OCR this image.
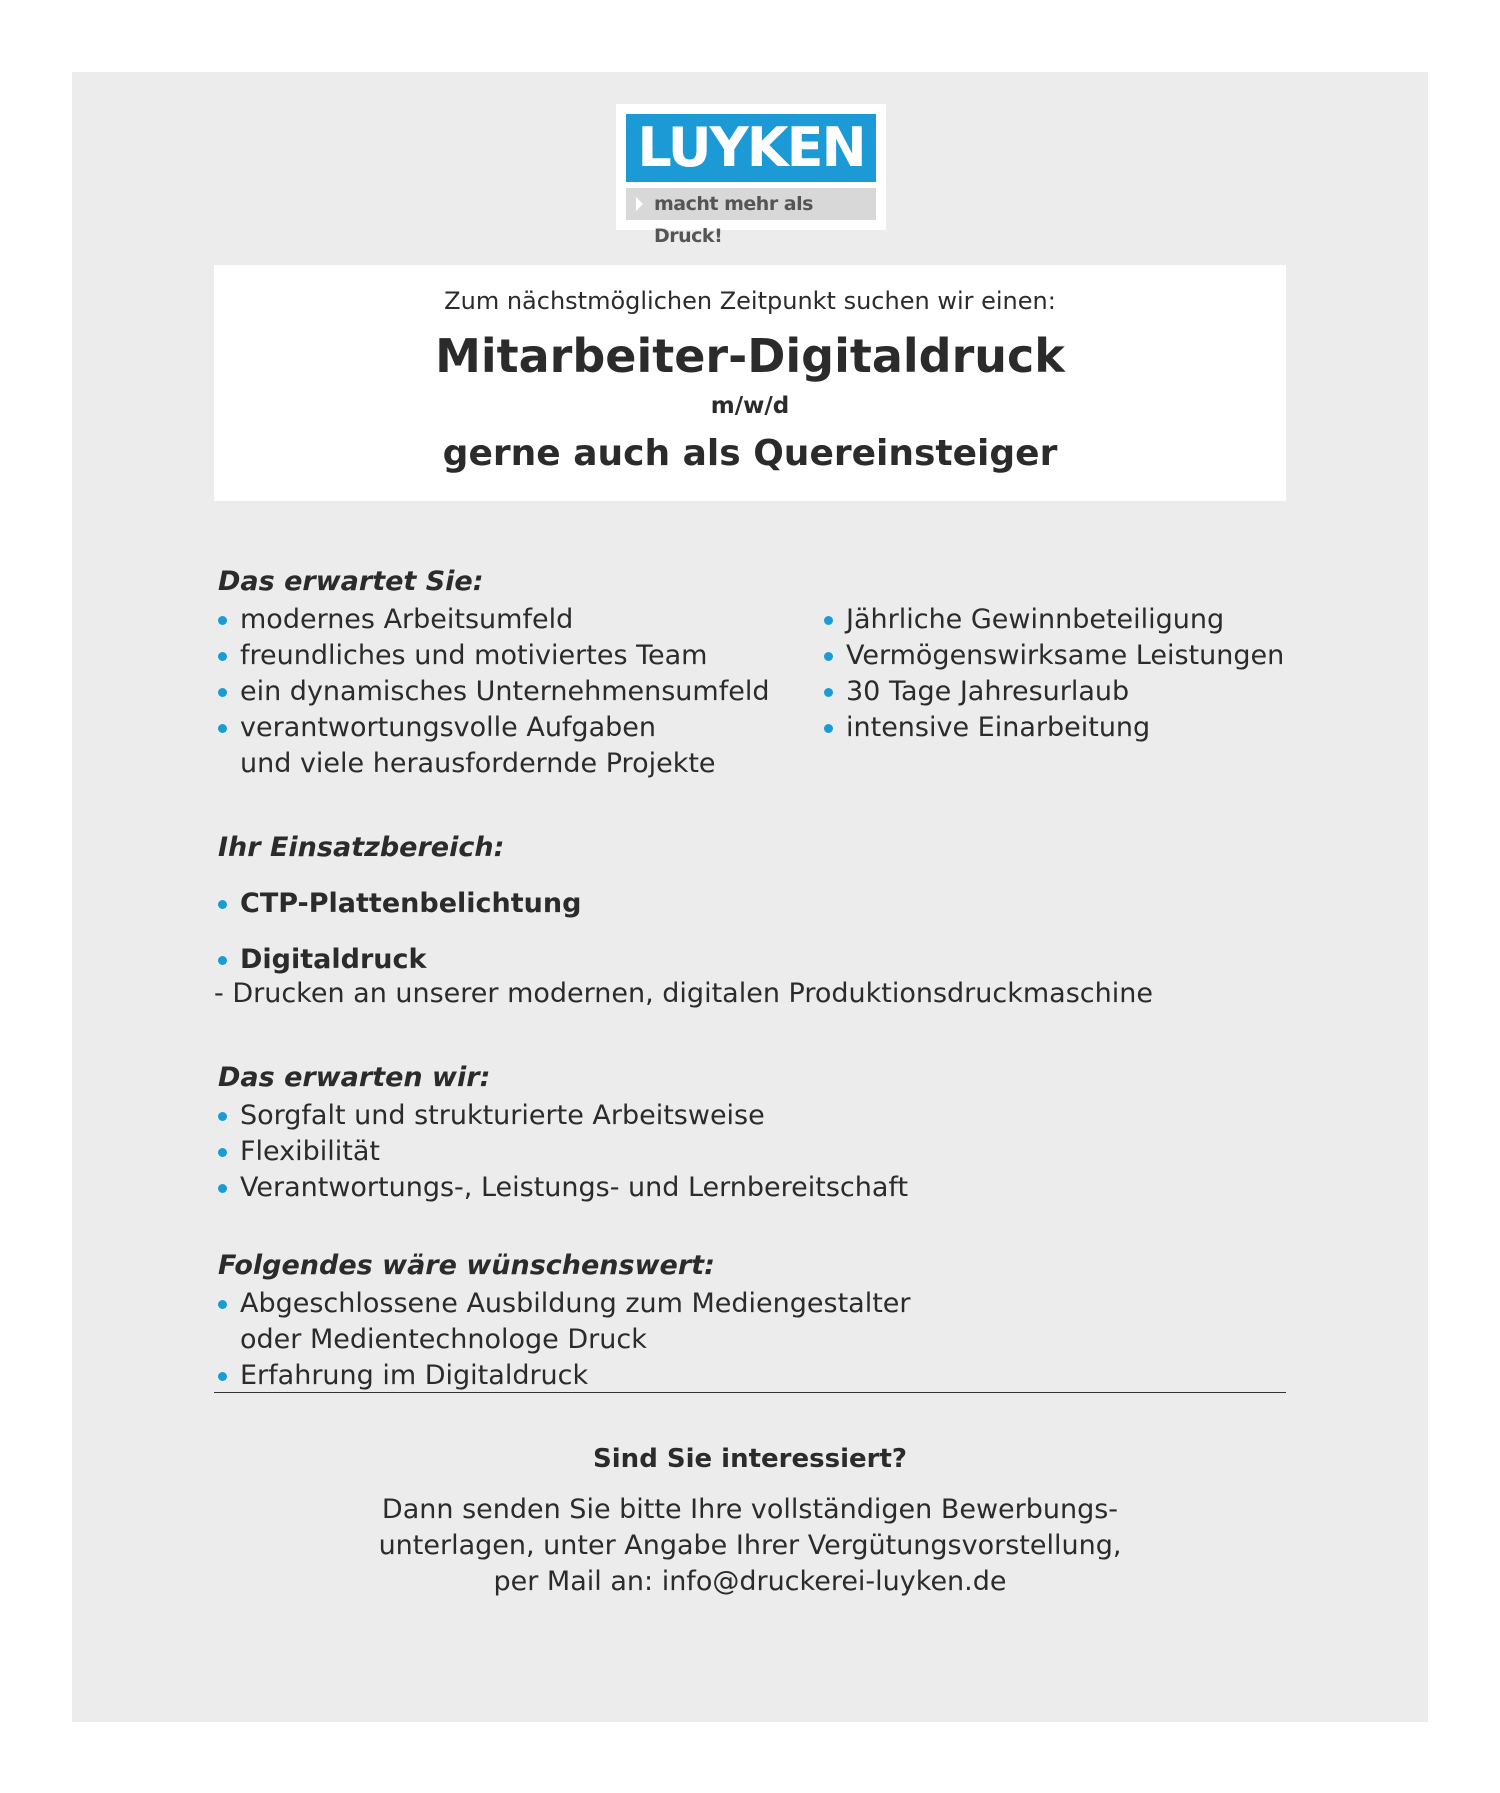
LUYKEN
macht mehr als Druck!
Zum nächstmöglichen Zeitpunkt suchen wir einen:
Mitarbeiter-Digitaldruck
m/w/d
gerne auch als Quereinsteiger
Das erwartet Sie:
modernes Arbeitsumfeld
freundliches und motiviertes Team
ein dynamisches Unternehmensumfeld
verantwortungsvolle Aufgaben
und viele herausfordernde Projekte
Jährliche Gewinnbeteiligung
Vermögenswirksame Leistungen
30 Tage Jahresurlaub
intensive Einarbeitung
Ihr Einsatzbereich:
CTP-Plattenbelichtung
Digitaldruck
- Drucken an unserer modernen, digitalen Produktionsdruckmaschine
Das erwarten wir:
Sorgfalt und strukturierte Arbeitsweise
Flexibilität
Verantwortungs-, Leistungs- und Lernbereitschaft
Folgendes wäre wünschenswert:
Abgeschlossene Ausbildung zum Mediengestalter
oder Medientechnologe Druck
Erfahrung im Digitaldruck
Sind Sie interessiert?
Dann senden Sie bitte Ihre vollständigen Bewerbungs-
unterlagen, unter Angabe Ihrer Vergütungsvorstellung,
per Mail an: info@druckerei-luyken.de
